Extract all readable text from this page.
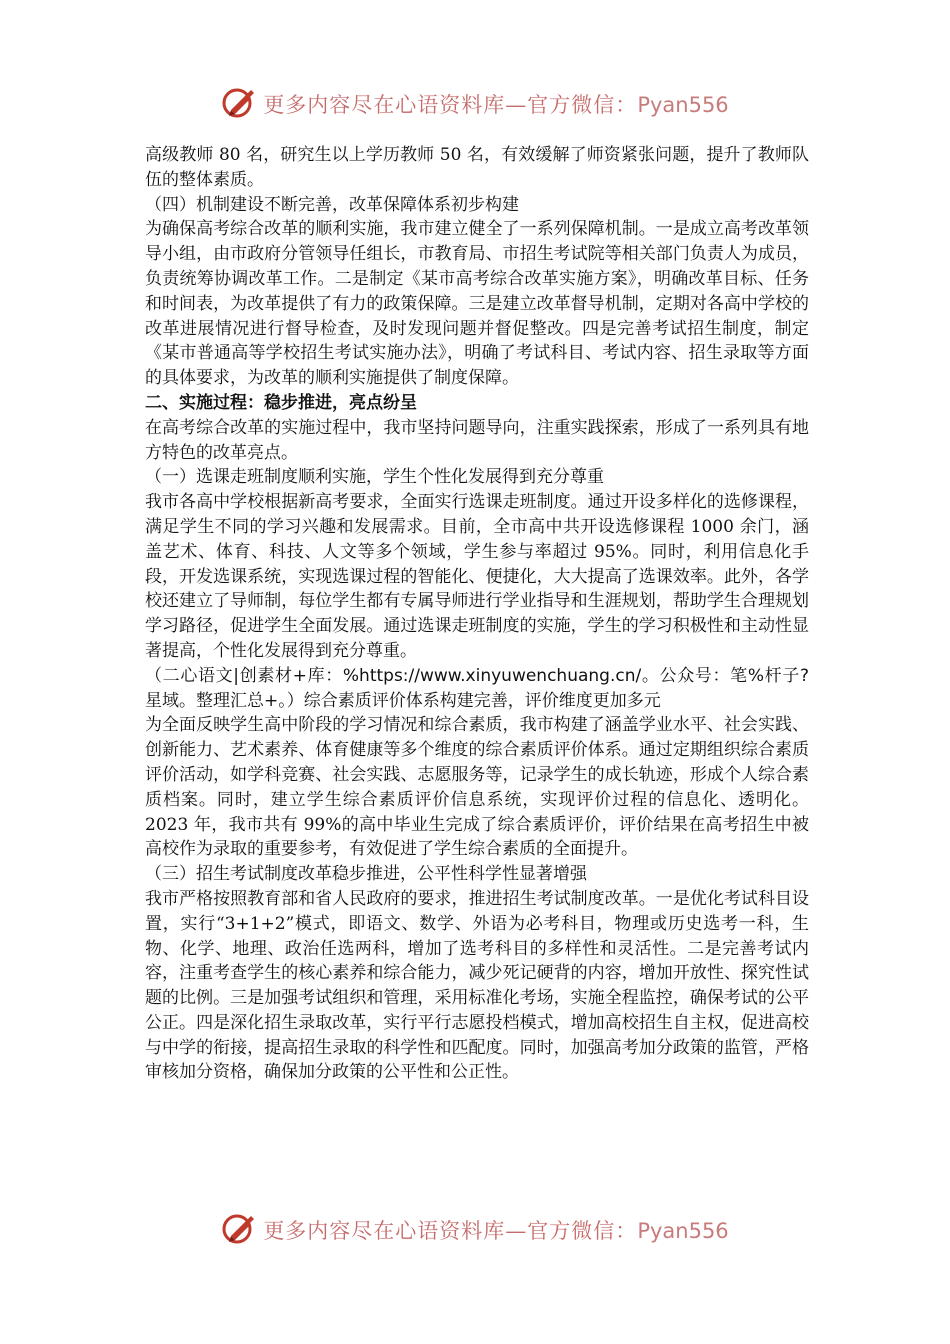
更多内容尽在心语资料库—官方微信：Pyan556

高级教师 80 名，研究生以上学历教师 50 名，有效缓解了师资紧张问题，提升了教师队伍的整体素质。

（四）机制建设不断完善，改革保障体系初步构建

为确保高考综合改革的顺利实施，我市建立健全了一系列保障机制。一是成立高考改革领导小组，由市政府分管领导任组长，市教育局、市招生考试院等相关部门负责人为成员，负责统筹协调改革工作。二是制定《某市高考综合改革实施方案》，明确改革目标、任务和时间表，为改革提供了有力的政策保障。三是建立改革督导机制，定期对各高中学校的改革进展情况进行督导检查，及时发现问题并督促整改。四是完善考试招生制度，制定《某市普通高等学校招生考试实施办法》，明确了考试科目、考试内容、招生录取等方面的具体要求，为改革的顺利实施提供了制度保障。

二、实施过程：稳步推进，亮点纷呈

在高考综合改革的实施过程中，我市坚持问题导向，注重实践探索，形成了一系列具有地方特色的改革亮点。

（一）选课走班制度顺利实施，学生个性化发展得到充分尊重

我市各高中学校根据新高考要求，全面实行选课走班制度。通过开设多样化的选修课程，满足学生不同的学习兴趣和发展需求。目前，全市高中共开设选修课程 1000 余门，涵盖艺术、体育、科技、人文等多个领域，学生参与率超过 95%。同时，利用信息化手段，开发选课系统，实现选课过程的智能化、便捷化，大大提高了选课效率。此外，各学校还建立了导师制，每位学生都有专属导师进行学业指导和生涯规划，帮助学生合理规划学习路径，促进学生全面发展。通过选课走班制度的实施，学生的学习积极性和主动性显著提高，个性化发展得到充分尊重。

（二心语文|创素材+库：%https://www.xinyuwenchuang.cn/。公众号：笔%杆子?星域。整理汇总+。）综合素质评价体系构建完善，评价维度更加多元

为全面反映学生高中阶段的学习情况和综合素质，我市构建了涵盖学业水平、社会实践、创新能力、艺术素养、体育健康等多个维度的综合素质评价体系。通过定期组织综合素质评价活动，如学科竞赛、社会实践、志愿服务等，记录学生的成长轨迹，形成个人综合素质档案。同时，建立学生综合素质评价信息系统，实现评价过程的信息化、透明化。2023 年，我市共有 99%的高中毕业生完成了综合素质评价，评价结果在高考招生中被高校作为录取的重要参考，有效促进了学生综合素质的全面提升。

（三）招生考试制度改革稳步推进，公平性科学性显著增强

我市严格按照教育部和省人民政府的要求，推进招生考试制度改革。一是优化考试科目设置，实行“3+1+2”模式，即语文、数学、外语为必考科目，物理或历史选考一科，生物、化学、地理、政治任选两科，增加了选考科目的多样性和灵活性。二是完善考试内容，注重考查学生的核心素养和综合能力，减少死记硬背的内容，增加开放性、探究性试题的比例。三是加强考试组织和管理，采用标准化考场，实施全程监控，确保考试的公平公正。四是深化招生录取改革，实行平行志愿投档模式，增加高校招生自主权，促进高校与中学的衔接，提高招生录取的科学性和匹配度。同时，加强高考加分政策的监管，严格审核加分资格，确保加分政策的公平性和公正性。

更多内容尽在心语资料库—官方微信：Pyan556
